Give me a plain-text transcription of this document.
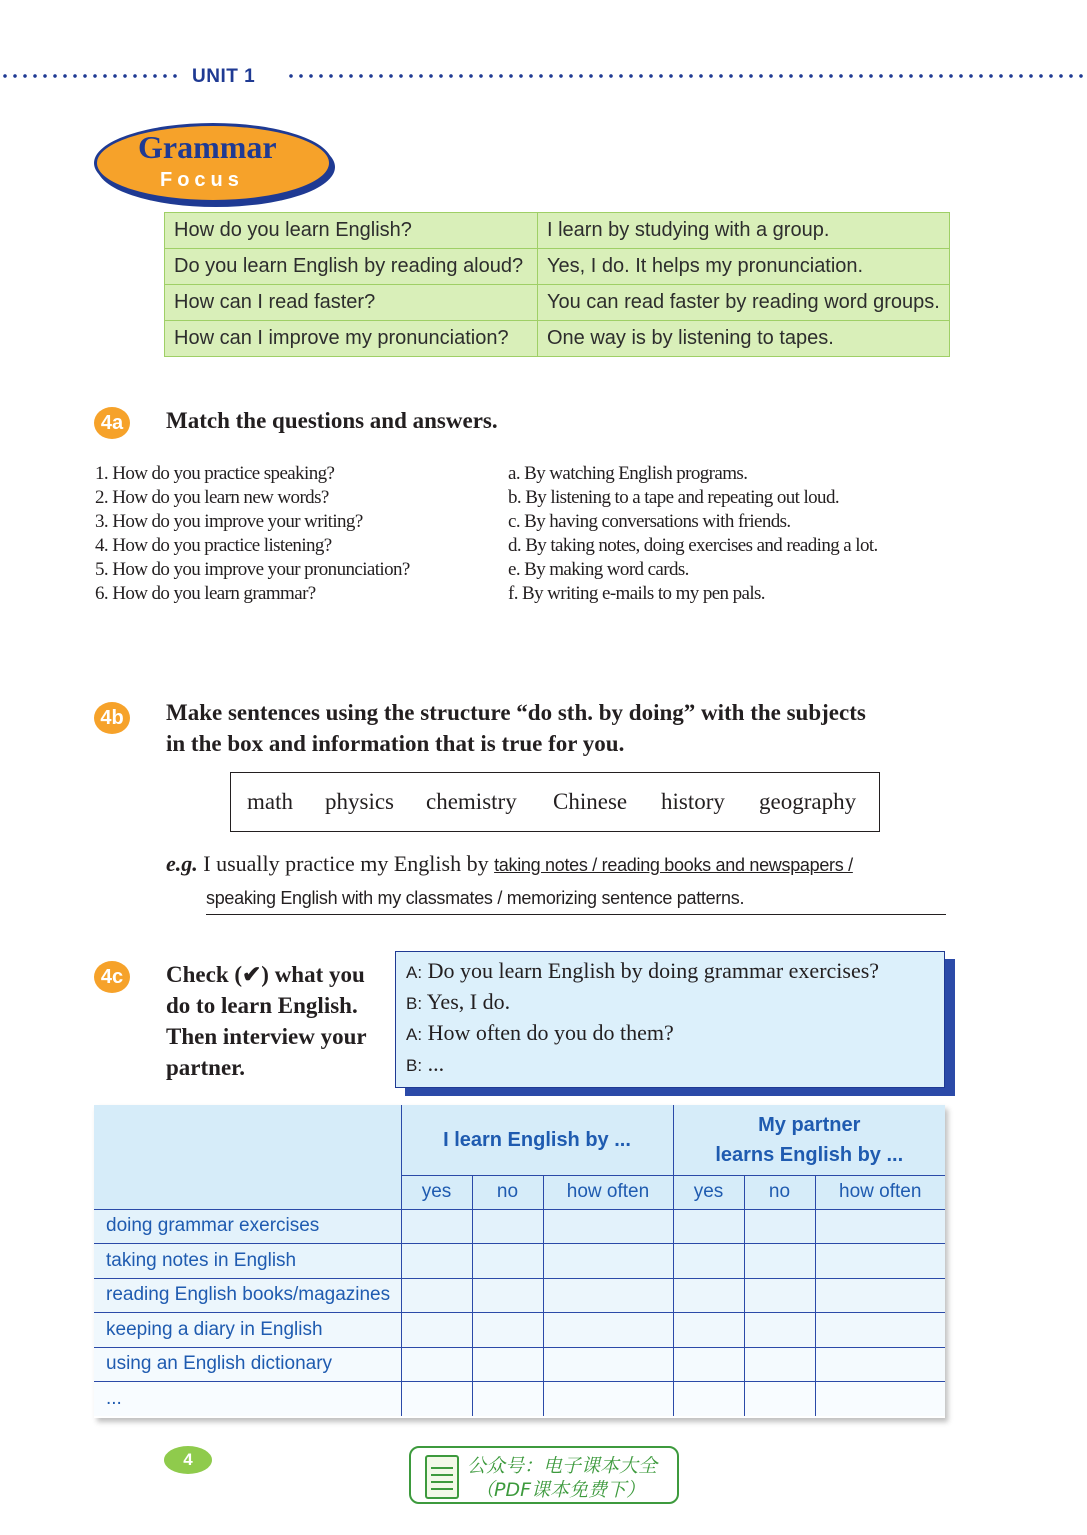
UNIT 1
Grammar
Focus
How do you learn English?	I learn by studying with a group.
Do you learn English by reading aloud?	Yes, I do. It helps my pronunciation.
How can I read faster?	You can read faster by reading word groups.
How can I improve my pronunciation?	One way is by listening to tapes.
4a Match the questions and answers.
1. How do you practice speaking?
2. How do you learn new words?
3. How do you improve your writing?
4. How do you practice listening?
5. How do you improve your pronunciation?
6. How do you learn grammar?
a. By watching English programs.
b. By listening to a tape and repeating out loud.
c. By having conversations with friends.
d. By taking notes, doing exercises and reading a lot.
e. By making word cards.
f. By writing e-mails to my pen pals.
4b Make sentences using the structure “do sth. by doing” with the subjects
in the box and information that is true for you.
math physics chemistry Chinese history geography
e.g. I usually practice my English by taking notes / reading books and newspapers /
speaking English with my classmates / memorizing sentence patterns.
4c Check (✔) what you
do to learn English.
Then interview your
partner.
A: Do you learn English by doing grammar exercises?
B: Yes, I do.
A: How often do you do them?
B: ...
	I learn English by ...			My partner
learns English by ...		

	yes	no	how often	yes	no	how often
doing grammar exercises						
taking notes in English						
reading English books/magazines						
keeping a diary in English						
using an English dictionary						
...						
4	公众号：电子课本大全
（PDF课本免费下）
